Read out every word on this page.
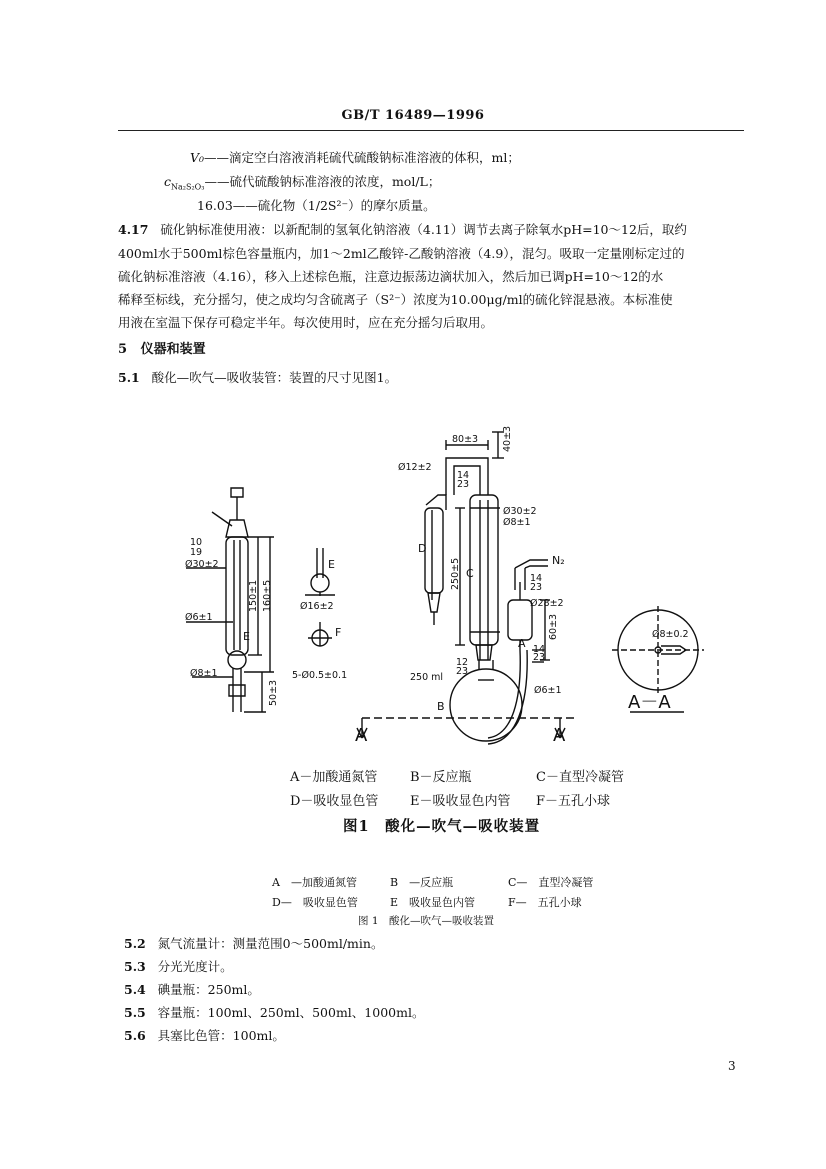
GB/T 16489—1996
V₀——滴定空白溶液消耗硫代硫酸钠标准溶液的体积，ml；
$c_{Na_2S_2O_3}——$硫代硫酸钠标准溶液的浓度，mol/L；
16.03——硫化物（1/2S²⁻）的摩尔质量。
4.17 硫化钠标准使用液：以新配制的氢氧化钠溶液（4.11）调节去离子除氧水pH=10～12后，取约
400ml水于500ml棕色容量瓶内，加1～2ml乙酸锌-乙酸钠溶液（4.9），混匀。吸取一定量刚标定过的
硫化钠标准溶液（4.16），移入上述棕色瓶，注意边振荡边滴状加入，然后加已调pH=10～12的水
稀释至标线，充分摇匀，使之成均匀含硫离子（S²⁻）浓度为10.00μg/ml的硫化锌混悬液。本标准使
用液在室温下保存可稳定半年。每次使用时，应在充分摇匀后取用。
5 仪器和装置
5.1 酸化—吹气—吸收装管：装置的尺寸见图1。
10
19
Ø30±2
Ø6±1
Ø8±1
50±3
150±1 160±5	Ø16±2
5-Ø0.5±0.1
80±3	40±3
Ø12±2
14
23
Ø30±2
Ø8±1
250±5	14
23
Ø28±2
60±3
14
23
12
23
Ø6±1
250 ml
Ø8±0.2
N₂
D
C
A
B
E
F
E
A	A
A－A
A－加酸通氮管	B－反应瓶	C－直型冷凝管
D－吸收显色管 E－吸收显色内管 F－五孔小球
图1　酸化—吹气—吸收装置
A　—加酸通氮管	B　—反应瓶	C—　直型冷凝管
D—　吸收显色管	E　吸收显色内管	F—　五孔小球
图 1　酸化—吹气—吸收装置
5.2 氮气流量计：测量范围0～500ml/min。
5.3 分光光度计。
5.4 碘量瓶：250ml。
5.5 容量瓶：100ml、250ml、500ml、1000ml。
5.6 具塞比色管：100ml。
3
